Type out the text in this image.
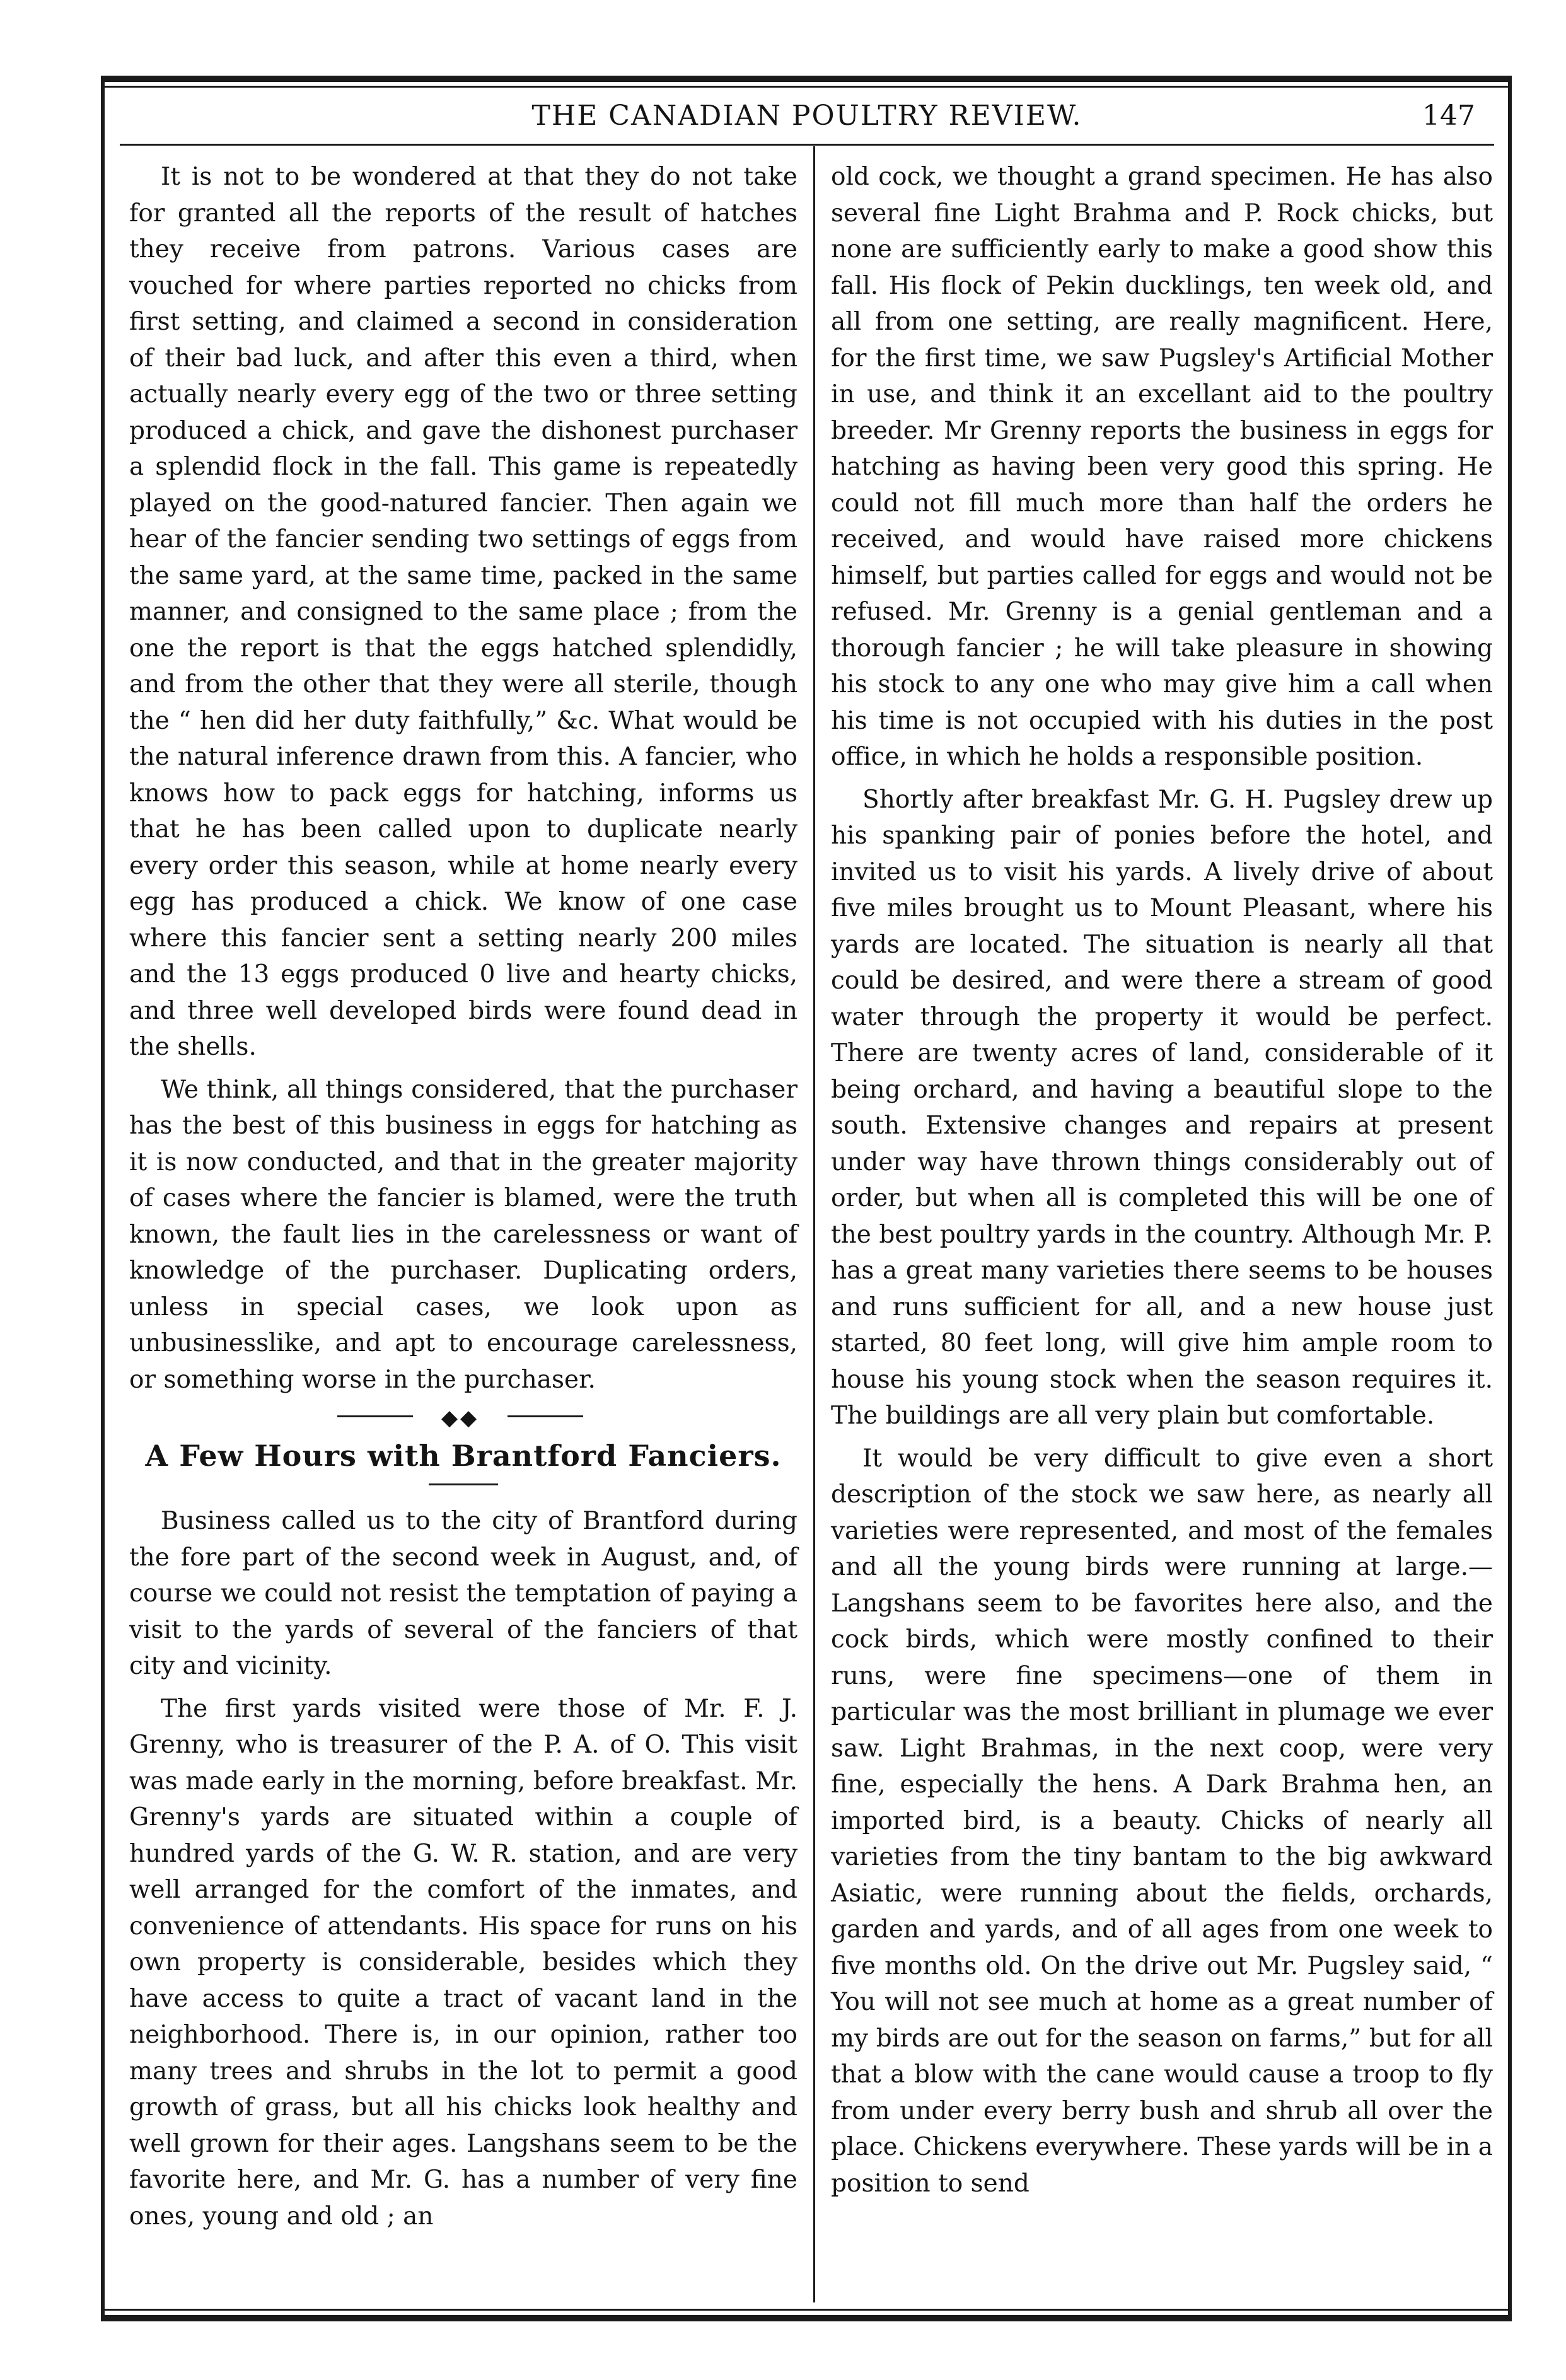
THE CANADIAN POULTRY REVIEW.	147

It is not to be wondered at that they do not take for granted all the reports of the result of hatches they receive from patrons. Various cases are vouched for where parties reported no chicks from first setting, and claimed a second in consideration of their bad luck, and after this even a third, when actually nearly every egg of the two or three setting produced a chick, and gave the dishonest purchaser a splendid flock in the fall. This game is repeatedly played on the good-natured fancier. Then again we hear of the fancier sending two settings of eggs from the same yard, at the same time, packed in the same manner, and consigned to the same place ; from the one the report is that the eggs hatched splendidly, and from the other that they were all sterile, though the “ hen did her duty faithfully,” &c. What would be the natural inference drawn from this. A fancier, who knows how to pack eggs for hatching, informs us that he has been called upon to duplicate nearly every order this season, while at home nearly every egg has produced a chick. We know of one case where this fancier sent a setting nearly 200 miles and the 13 eggs produced 0 live and hearty chicks, and three well developed birds were found dead in the shells.

We think, all things considered, that the purchaser has the best of this business in eggs for hatching as it is now conducted, and that in the greater majority of cases where the fancier is blamed, were the truth known, the fault lies in the carelessness or want of knowledge of the purchaser. Duplicating orders, unless in special cases, we look upon as unbusinesslike, and apt to encourage carelessness, or something worse in the purchaser.

◆◆
A Few Hours with Brantford Fanciers.

Business called us to the city of Brantford during the fore part of the second week in August, and, of course we could not resist the temptation of paying a visit to the yards of several of the fanciers of that city and vicinity.

The first yards visited were those of Mr. F. J. Grenny, who is treasurer of the P. A. of O. This visit was made early in the morning, before breakfast. Mr. Grenny's yards are situated within a couple of hundred yards of the G. W. R. station, and are very well arranged for the comfort of the inmates, and convenience of attendants. His space for runs on his own property is considerable, besides which they have access to quite a tract of vacant land in the neighborhood. There is, in our opinion, rather too many trees and shrubs in the lot to permit a good growth of grass, but all his chicks look healthy and well grown for their ages. Langshans seem to be the favorite here, and Mr. G. has a number of very fine ones, young and old ; an

old cock, we thought a grand specimen. He has also several fine Light Brahma and P. Rock chicks, but none are sufficiently early to make a good show this fall. His flock of Pekin ducklings, ten week old, and all from one setting, are really magnificent. Here, for the first time, we saw Pugsley's Artificial Mother in use, and think it an excellant aid to the poultry breeder. Mr Grenny reports the business in eggs for hatching as having been very good this spring. He could not fill much more than half the orders he received, and would have raised more chickens himself, but parties called for eggs and would not be refused. Mr. Grenny is a genial gentleman and a thorough fancier ; he will take pleasure in showing his stock to any one who may give him a call when his time is not occupied with his duties in the post office, in which he holds a responsible position.

Shortly after breakfast Mr. G. H. Pugsley drew up his spanking pair of ponies before the hotel, and invited us to visit his yards. A lively drive of about five miles brought us to Mount Pleasant, where his yards are located. The situation is nearly all that could be desired, and were there a stream of good water through the property it would be perfect. There are twenty acres of land, considerable of it being orchard, and having a beautiful slope to the south. Extensive changes and repairs at present under way have thrown things considerably out of order, but when all is completed this will be one of the best poultry yards in the country. Although Mr. P. has a great many varieties there seems to be houses and runs sufficient for all, and a new house just started, 80 feet long, will give him ample room to house his young stock when the season requires it. The buildings are all very plain but comfortable.

It would be very difficult to give even a short description of the stock we saw here, as nearly all varieties were represented, and most of the females and all the young birds were running at large.— Langshans seem to be favorites here also, and the cock birds, which were mostly confined to their runs, were fine specimens—one of them in particular was the most brilliant in plumage we ever saw. Light Brahmas, in the next coop, were very fine, especially the hens. A Dark Brahma hen, an imported bird, is a beauty. Chicks of nearly all varieties from the tiny bantam to the big awkward Asiatic, were running about the fields, orchards, garden and yards, and of all ages from one week to five months old. On the drive out Mr. Pugsley said, “ You will not see much at home as a great number of my birds are out for the season on farms,” but for all that a blow with the cane would cause a troop to fly from under every berry bush and shrub all over the place. Chickens everywhere. These yards will be in a position to send
